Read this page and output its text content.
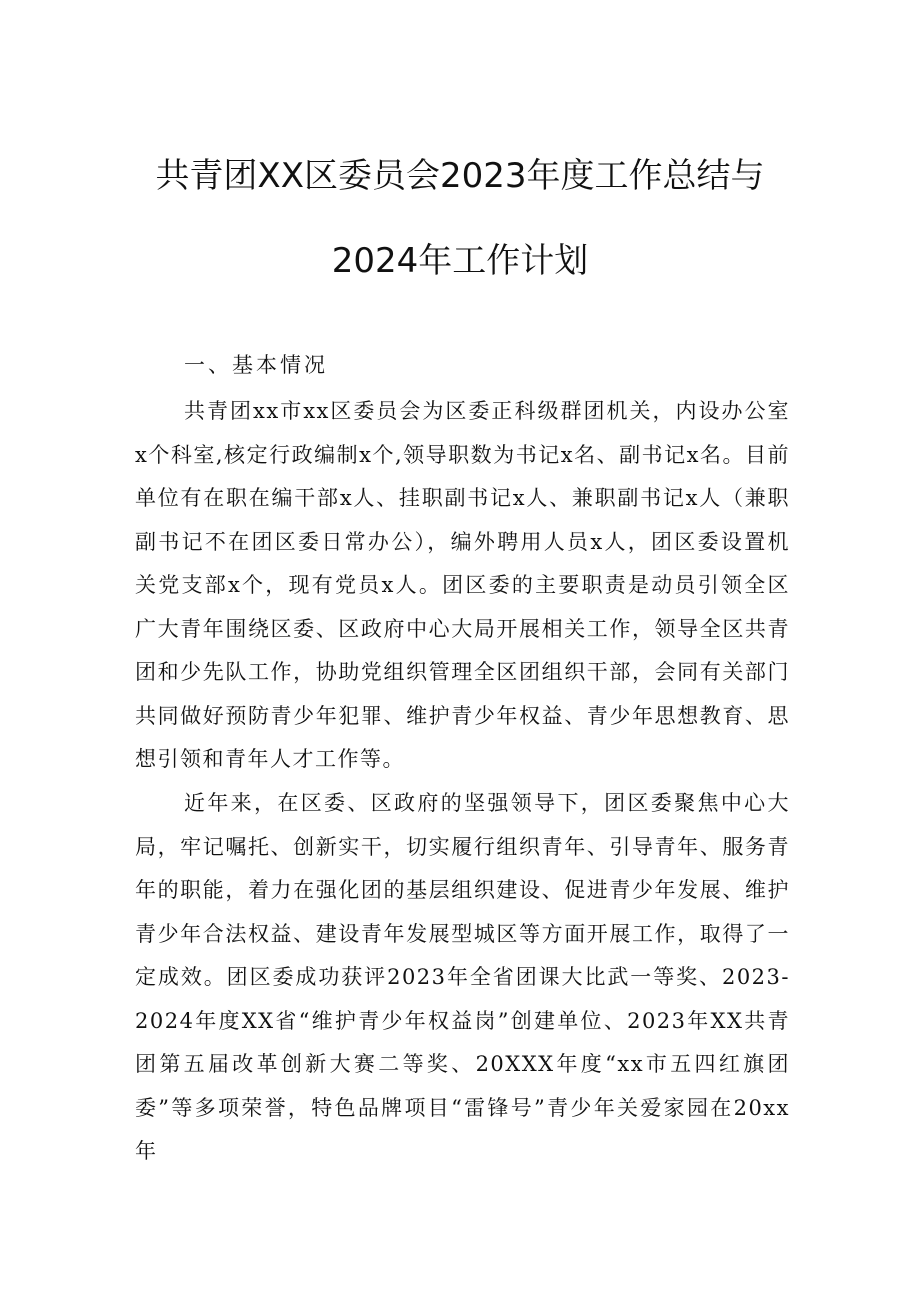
共青团XX区委员会2023年度工作总结与
2024年工作计划
一、基本情况
共青团xx市xx区委员会为区委正科级群团机关，内设办公室x个科室,核定行政编制x个,领导职数为书记x名、副书记x名。目前单位有在职在编干部x人、挂职副书记x人、兼职副书记x人（兼职副书记不在团区委日常办公），编外聘用人员x人，团区委设置机关党支部x个，现有党员x人。团区委的主要职责是动员引领全区广大青年围绕区委、区政府中心大局开展相关工作，领导全区共青团和少先队工作，协助党组织管理全区团组织干部，会同有关部门共同做好预防青少年犯罪、维护青少年权益、青少年思想教育、思想引领和青年人才工作等。
近年来，在区委、区政府的坚强领导下，团区委聚焦中心大局，牢记嘱托、创新实干，切实履行组织青年、引导青年、服务青年的职能，着力在强化团的基层组织建设、促进青少年发展、维护青少年合法权益、建设青年发展型城区等方面开展工作，取得了一定成效。团区委成功获评2023年全省团课大比武一等奖、2023-2024年度XX省“维护青少年权益岗”创建单位、2023年XX共青团第五届改革创新大赛二等奖、20XXX年度“xx市五四红旗团委”等多项荣誉，特色品牌项目“雷锋号”青少年关爱家园在20xx年
